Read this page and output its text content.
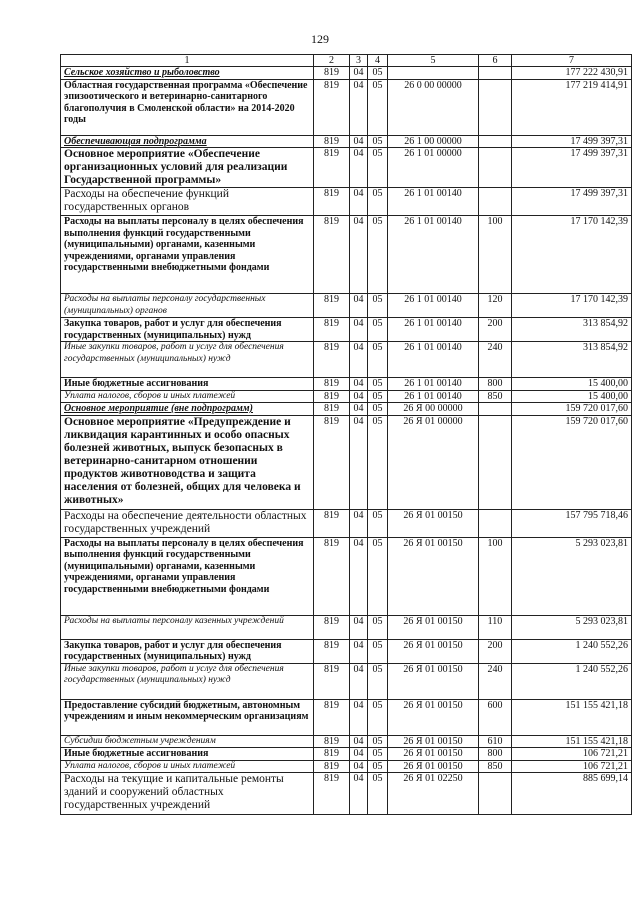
129
1	2	3	4	5	6	7
Сельское хозяйство и рыболовство	819	04	05			177 222 430,91
Областная государственная программа «Обеспечение эпизоотического и ветеринарно-санитарного благополучия в Смоленской области» на 2014-2020 годы	819	04	05	26 0 00 00000		177 219 414,91
Обеспечивающая подпрограмма	819	04	05	26 1 00 00000		17 499 397,31
Основное мероприятие «Обеспечение организационных условий для реализации Государственной программы»	819	04	05	26 1 01 00000		17 499 397,31
Расходы на обеспечение функций государственных органов	819	04	05	26 1 01 00140		17 499 397,31
Расходы на выплаты персоналу в целях обеспечения выполнения функций государственными (муниципальными) органами, казенными учреждениями, органами управления государственными внебюджетными фондами	819	04	05	26 1 01 00140	100	17 170 142,39
Расходы на выплаты персоналу государственных (муниципальных) органов	819	04	05	26 1 01 00140	120	17 170 142,39
Закупка товаров, работ и услуг для обеспечения государственных (муниципальных) нужд	819	04	05	26 1 01 00140	200	313 854,92
Иные закупки товаров, работ и услуг для обеспечения государственных (муниципальных) нужд	819	04	05	26 1 01 00140	240	313 854,92
Иные бюджетные ассигнования	819	04	05	26 1 01 00140	800	15 400,00
Уплата налогов, сборов и иных платежей	819	04	05	26 1 01 00140	850	15 400,00
Основное мероприятие (вне подпрограмм)	819	04	05	26 Я 00 00000		159 720 017,60
Основное мероприятие «Предупреждение и ликвидация карантинных и особо опасных болезней животных, выпуск безопасных в ветеринарно-санитарном отношении продуктов животноводства и защита населения от болезней, общих для человека и животных»	819	04	05	26 Я 01 00000		159 720 017,60
Расходы на обеспечение деятельности областных государственных учреждений	819	04	05	26 Я 01 00150		157 795 718,46
Расходы на выплаты персоналу в целях обеспечения выполнения функций государственными (муниципальными) органами, казенными учреждениями, органами управления государственными внебюджетными фондами	819	04	05	26 Я 01 00150	100	5 293 023,81
Расходы на выплаты персоналу казенных учреждений	819	04	05	26 Я 01 00150	110	5 293 023,81
Закупка товаров, работ и услуг для обеспечения государственных (муниципальных) нужд	819	04	05	26 Я 01 00150	200	1 240 552,26
Иные закупки товаров, работ и услуг для обеспечения государственных (муниципальных) нужд	819	04	05	26 Я 01 00150	240	1 240 552,26
Предоставление субсидий бюджетным, автономным учреждениям и иным некоммерческим организациям	819	04	05	26 Я 01 00150	600	151 155 421,18
Субсидии бюджетным учреждениям	819	04	05	26 Я 01 00150	610	151 155 421,18
Иные бюджетные ассигнования	819	04	05	26 Я 01 00150	800	106 721,21
Уплата налогов, сборов и иных платежей	819	04	05	26 Я 01 00150	850	106 721,21
Расходы на текущие и капитальные ремонты зданий и сооружений областных государственных учреждений	819	04	05	26 Я 01 02250		885 699,14
